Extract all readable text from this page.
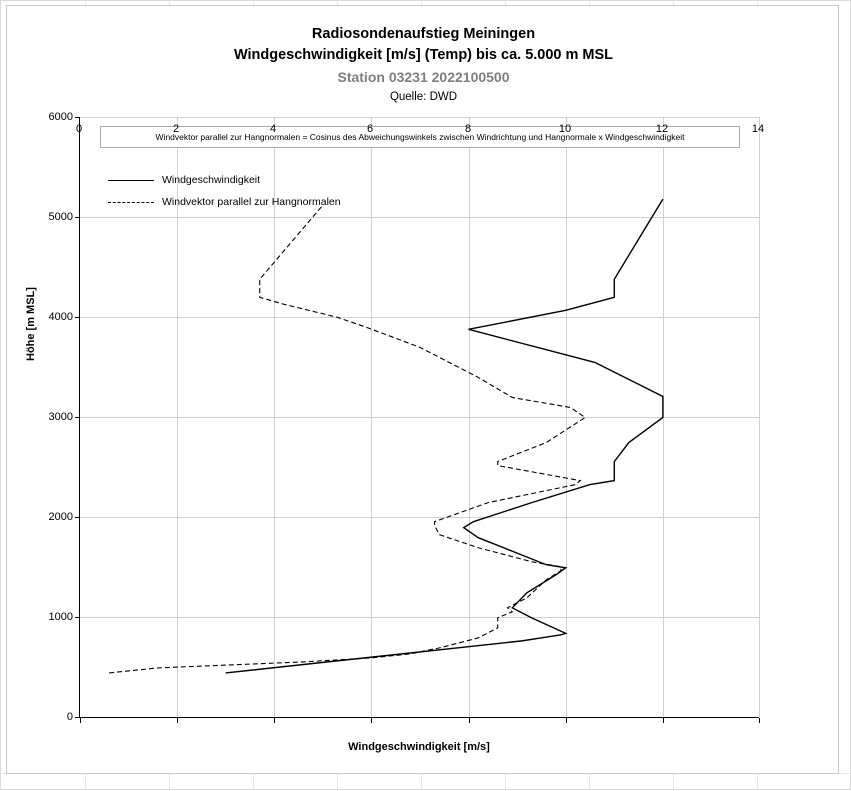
Radiosondenaufstieg Meiningen
Windgeschwindigkeit [m/s] (Temp) bis ca. 5.000 m MSL
Station 03231 2022100500
Quelle: DWD
Höhe [m MSL]
Windgeschwindigkeit [m/s]
Windvektor parallel zur Hangnormalen = Cosinus des Abweichungswinkels zwischen Windrichtung und Hangnormale x Windgeschwindigkeit
Windgeschwindigkeit
Windvektor parallel zur Hangnormalen
6000
5000
4000
3000
2000
1000
0
0	2	4	6	8	10	12	14
